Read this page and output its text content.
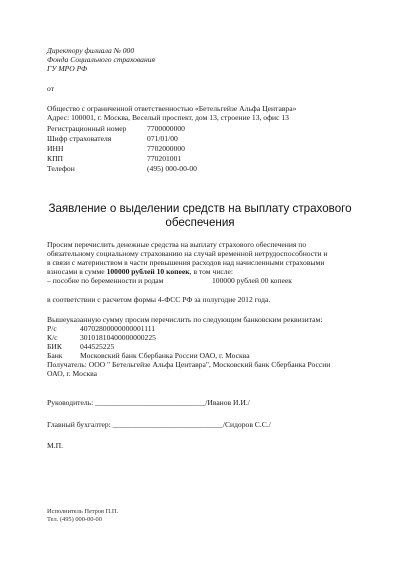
Директору филиала № 000
Фонда Социального страхования
ГУ МРО РФ
от
Общество с ограниченной ответственностью «Бетельгейзе Альфа Центавра»
Адрес: 100001, г. Москва, Веселый проспект, дом 13, строение 13, офис 13
Регистрационный номер	7700000000
Шифр страхователя	071/01/00
ИНН	7702000000
КПП	770201001
Телефон	(495) 000-00-00
Заявление о выделении средств на выплату страхового
обеспечения
Просим перечислить денежные средства на выплату страхового обеспечения по
обязательному социальному страхованию на случай временной нетрудоспособности и
в связи с материнством в части превышения расходов над начисленными страховыми
взносами в сумме 100000 рублей 10 копеек, в том числе:
– пособие по беременности и родам	100000 рублей 00 копеек
в соответствии с расчетом формы 4-ФСС РФ за полугодие 2012 года.
Вышеуказанную сумму просим перечислить по следующим банковским реквизитам:
Р/с	40702800000000001111
К/с	30101810400000000225
БИК 044525225
Банк Московский банк Сбербанка России ОАО, г. Москва
Получатель: ООО " Бетельгейзе Альфа Центавра", Московский банк Сбербанка России
ОАО, г. Москва
Руководитель: _____________________________/Иванов И.И./
Главный бухгалтер: _____________________________/Сидоров С.С./
М.П.
Исполнитель Петров П.П.
Тел. (495) 000-00-00
